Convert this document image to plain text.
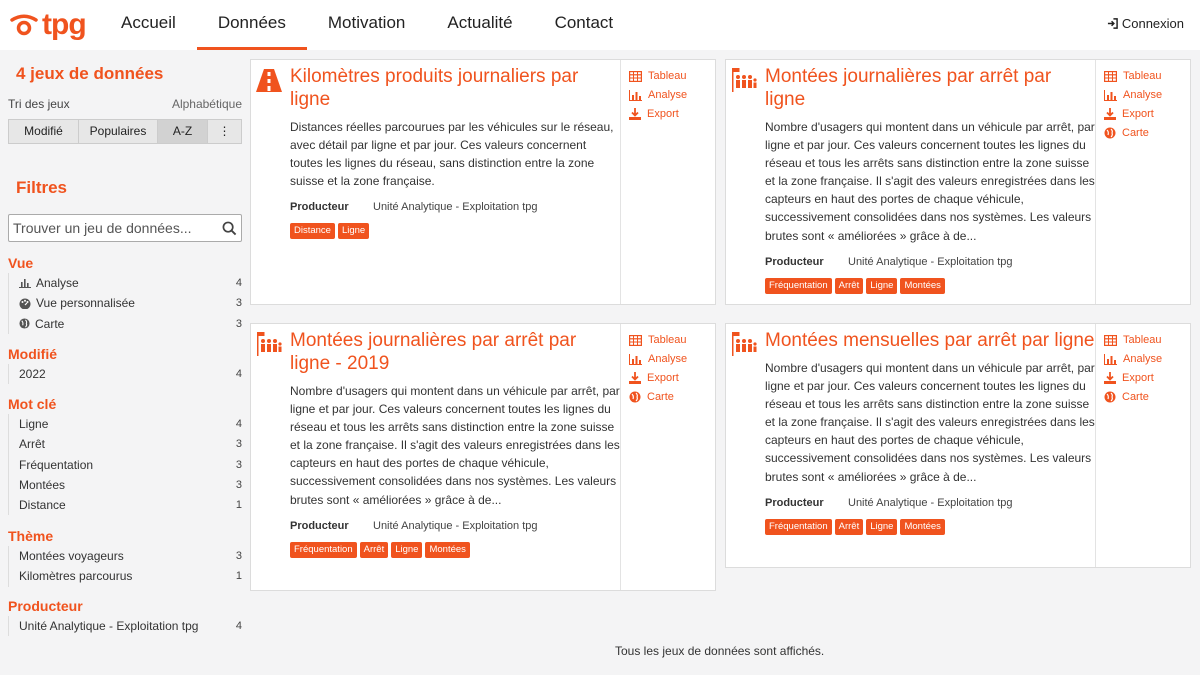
tpg	Accueil	Données	Motivation	Actualité	Contact	Connexion
4 jeux de données
Tri des jeux	Alphabétique
Modifié	Populaires	A-Z	⋮
Filtres
Trouver un jeu de données...
Vue
Analyse	4
Vue personnalisée	3
Carte	3
Modifié
2022	4
Mot clé
Ligne	4
Arrêt	3
Fréquentation	3
Montées	3
Distance	1
Thème
Montées voyageurs	3
Kilomètres parcourus	1
Producteur
Unité Analytique - Exploitation tpg	4
Kilomètres produits journaliers par ligne
Distances réelles parcourues par les véhicules sur le réseau, avec détail par ligne et par jour. Ces valeurs concernent toutes les lignes du réseau, sans distinction entre la zone suisse et la zone française.
Producteur	Unité Analytique - Exploitation tpg
Distance	Ligne
Tableau
Analyse
Export
Montées journalières par arrêt par ligne
Nombre d'usagers qui montent dans un véhicule par arrêt, par ligne et par jour. Ces valeurs concernent toutes les lignes du réseau et tous les arrêts sans distinction entre la zone suisse et la zone française. Il s'agit des valeurs enregistrées dans les capteurs en haut des portes de chaque véhicule, successivement consolidées dans nos systèmes. Les valeurs brutes sont « améliorées » grâce à de...
Producteur	Unité Analytique - Exploitation tpg
Fréquentation	Arrêt	Ligne	Montées
Tableau
Analyse
Export
Carte
Montées journalières par arrêt par ligne - 2019
Nombre d'usagers qui montent dans un véhicule par arrêt, par ligne et par jour. Ces valeurs concernent toutes les lignes du réseau et tous les arrêts sans distinction entre la zone suisse et la zone française. Il s'agit des valeurs enregistrées dans les capteurs en haut des portes de chaque véhicule, successivement consolidées dans nos systèmes. Les valeurs brutes sont « améliorées » grâce à de...
Producteur	Unité Analytique - Exploitation tpg
Fréquentation	Arrêt	Ligne	Montées
Tableau
Analyse
Export
Carte
Montées mensuelles par arrêt par ligne
Nombre d'usagers qui montent dans un véhicule par arrêt, par ligne et par jour. Ces valeurs concernent toutes les lignes du réseau et tous les arrêts sans distinction entre la zone suisse et la zone française. Il s'agit des valeurs enregistrées dans les capteurs en haut des portes de chaque véhicule, successivement consolidées dans nos systèmes. Les valeurs brutes sont « améliorées » grâce à de...
Producteur	Unité Analytique - Exploitation tpg
Fréquentation	Arrêt	Ligne	Montées
Tableau
Analyse
Export
Carte
Tous les jeux de données sont affichés.
